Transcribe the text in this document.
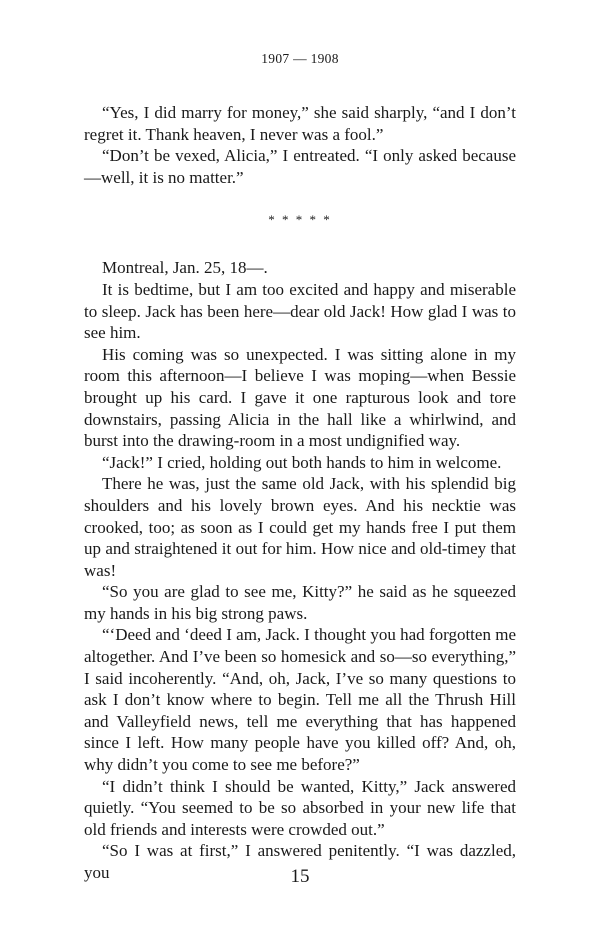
1907 — 1908

“Yes, I did marry for money,” she said sharply, “and I don’t regret it. Thank heaven, I never was a fool.”

“Don’t be vexed, Alicia,” I entreated. “I only asked because—well, it is no matter.”

* * * * *

Montreal, Jan. 25, 18—.

It is bedtime, but I am too excited and happy and miserable to sleep. Jack has been here—dear old Jack! How glad I was to see him.

His coming was so unexpected. I was sitting alone in my room this afternoon—I believe I was moping—when Bessie brought up his card. I gave it one rapturous look and tore downstairs, passing Alicia in the hall like a whirlwind, and burst into the drawing-room in a most undignified way.

“Jack!” I cried, holding out both hands to him in welcome.

There he was, just the same old Jack, with his splendid big shoulders and his lovely brown eyes. And his necktie was crooked, too; as soon as I could get my hands free I put them up and straightened it out for him. How nice and old-timey that was!

“So you are glad to see me, Kitty?” he said as he squeezed my hands in his big strong paws.

“‘Deed and ‘deed I am, Jack. I thought you had forgotten me altogether. And I’ve been so homesick and so—so everything,” I said incoherently. “And, oh, Jack, I’ve so many questions to ask I don’t know where to begin. Tell me all the Thrush Hill and Valleyfield news, tell me everything that has happened since I left. How many people have you killed off? And, oh, why didn’t you come to see me before?”

“I didn’t think I should be wanted, Kitty,” Jack answered quietly. “You seemed to be so absorbed in your new life that old friends and interests were crowded out.”

“So I was at first,” I answered penitently. “I was dazzled, you	15
